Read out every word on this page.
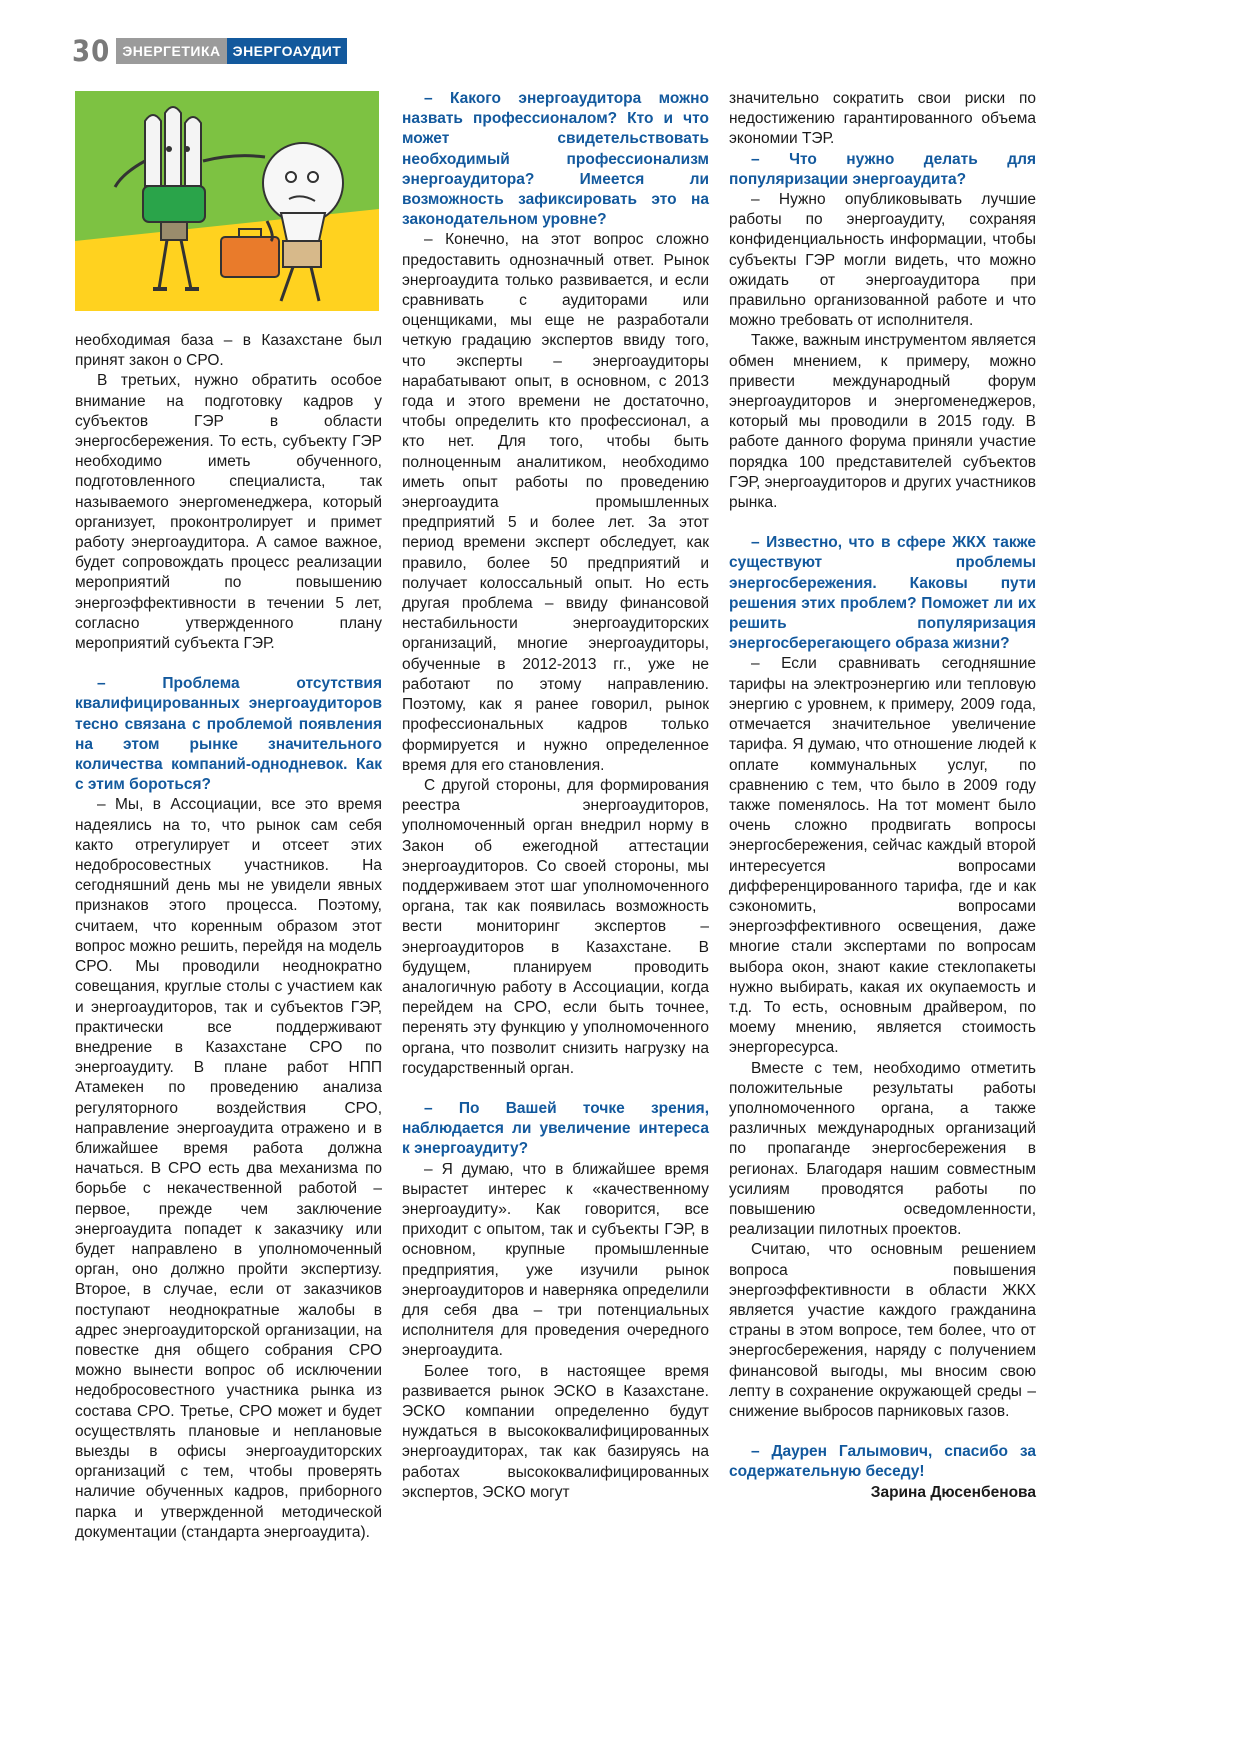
30 ЭНЕРГЕТИКА ЭНЕРГОАУДИТ

необходимая база – в Казахстане был принят закон о СРО.

В третьих, нужно обратить особое внимание на подготовку кадров у субъектов ГЭР в области энергосбережения. То есть, субъекту ГЭР необходимо иметь обученного, подготовленного специалиста, так называемого энергоменеджера, который организует, проконтролирует и примет работу энергоаудитора. А самое важное, будет сопровождать процесс реализации мероприятий по повышению энергоэффективности в течении 5 лет, согласно утвержденного плану мероприятий субъекта ГЭР.

– Проблема отсутствия квалифицированных энергоаудиторов тесно связана с проблемой появления на этом рынке значительного количества компаний-однодневок. Как с этим бороться?

– Мы, в Ассоциации, все это время надеялись на то, что рынок сам себя както отрегулирует и отсеет этих недобросовестных участников. На сегодняшний день мы не увидели явных признаков этого процесса. Поэтому, считаем, что коренным образом этот вопрос можно решить, перейдя на модель СРО. Мы проводили неоднократно совещания, круглые столы с участием как и энергоаудиторов, так и субъектов ГЭР, практически все поддерживают внедрение в Казахстане СРО по энергоаудиту. В плане работ НПП Атамекен по проведению анализа регуляторного воздействия СРО, направление энергоаудита отражено и в ближайшее время работа должна начаться. В СРО есть два механизма по борьбе с некачественной работой – первое, прежде чем заключение энергоаудита попадет к заказчику или будет направлено в уполномоченный орган, оно должно пройти экспертизу. Второе, в случае, если от заказчиков поступают неоднократные жалобы в адрес энергоаудиторской организации, на повестке дня общего собрания СРО можно вынести вопрос об исключении недобросовестного участника рынка из состава СРО. Третье, СРО может и будет осуществлять плановые и неплановые выезды в офисы энергоаудиторских организаций с тем, чтобы проверять наличие обученных кадров, приборного парка и утвержденной методической документации (стандарта энергоаудита).

– Какого энергоаудитора можно назвать профессионалом? Кто и что может свидетельствовать необходимый профессионализм энергоаудитора? Имеется ли возможность зафиксировать это на законодательном уровне?

– Конечно, на этот вопрос сложно предоставить однозначный ответ. Рынок энергоаудита только развивается, и если сравнивать с аудиторами или оценщиками, мы еще не разработали четкую градацию экспертов ввиду того, что эксперты – энергоаудиторы нарабатывают опыт, в основном, с 2013 года и этого времени не достаточно, чтобы определить кто профессионал, а кто нет. Для того, чтобы быть полноценным аналитиком, необходимо иметь опыт работы по проведению энергоаудита промышленных предприятий 5 и более лет. За этот период времени эксперт обследует, как правило, более 50 предприятий и получает колоссальный опыт. Но есть другая проблема – ввиду финансовой нестабильности энергоаудиторских организаций, многие энергоаудиторы, обученные в 2012-2013 гг., уже не работают по этому направлению. Поэтому, как я ранее говорил, рынок профессиональных кадров только формируется и нужно определенное время для его становления.

С другой стороны, для формирования реестра энергоаудиторов, уполномоченный орган внедрил норму в Закон об ежегодной аттестации энергоаудиторов. Со своей стороны, мы поддерживаем этот шаг уполномоченного органа, так как появилась возможность вести мониторинг экспертов – энергоаудиторов в Казахстане. В будущем, планируем проводить аналогичную работу в Ассоциации, когда перейдем на СРО, если быть точнее, перенять эту функцию у уполномоченного органа, что позволит снизить нагрузку на государственный орган.

– По Вашей точке зрения, наблюдается ли увеличение интереса к энергоаудиту?

– Я думаю, что в ближайшее время вырастет интерес к «качественному энергоаудиту». Как говорится, все приходит с опытом, так и субъекты ГЭР, в основном, крупные промышленные предприятия, уже изучили рынок энергоаудиторов и наверняка определили для себя два – три потенциальных исполнителя для проведения очередного энергоаудита.

Более того, в настоящее время развивается рынок ЭСКО в Казахстане. ЭСКО компании определенно будут нуждаться в высококвалифицированных энергоаудиторах, так как базируясь на работах высококвалифицированных экспертов, ЭСКО могут

значительно сократить свои риски по недостижению гарантированного объема экономии ТЭР.

– Что нужно делать для популяризации энергоаудита?

– Нужно опубликовывать лучшие работы по энергоаудиту, сохраняя конфиденциальность информации, чтобы субъекты ГЭР могли видеть, что можно ожидать от энергоаудитора при правильно организованной работе и что можно требовать от исполнителя.

Также, важным инструментом является обмен мнением, к примеру, можно привести международный форум энергоаудиторов и энергоменеджеров, который мы проводили в 2015 году. В работе данного форума приняли участие порядка 100 представителей субъектов ГЭР, энергоаудиторов и других участников рынка.

– Известно, что в сфере ЖКХ также существуют проблемы энергосбережения. Каковы пути решения этих проблем? Поможет ли их решить популяризация энергосберегающего образа жизни?

– Если сравнивать сегодняшние тарифы на электроэнергию или тепловую энергию с уровнем, к примеру, 2009 года, отмечается значительное увеличение тарифа. Я думаю, что отношение людей к оплате коммунальных услуг, по сравнению с тем, что было в 2009 году также поменялось. На тот момент было очень сложно продвигать вопросы энергосбережения, сейчас каждый второй интересуется вопросами дифференцированного тарифа, где и как сэкономить, вопросами энергоэффективного освещения, даже многие стали экспертами по вопросам выбора окон, знают какие стеклопакеты нужно выбирать, какая их окупаемость и т.д. То есть, основным драйвером, по моему мнению, является стоимость энергоресурса.

Вместе с тем, необходимо отметить положительные результаты работы уполномоченного органа, а также различных международных организаций по пропаганде энергосбережения в регионах. Благодаря нашим совместным усилиям проводятся работы по повышению осведомленности, реализации пилотных проектов.

Считаю, что основным решением вопроса повышения энергоэффективности в области ЖКХ является участие каждого гражданина страны в этом вопросе, тем более, что от энергосбережения, наряду с получением финансовой выгоды, мы вносим свою лепту в сохранение окружающей среды – снижение выбросов парниковых газов.

– Даурен Галымович, спасибо за содержательную беседу!

Зарина Дюсенбенова
